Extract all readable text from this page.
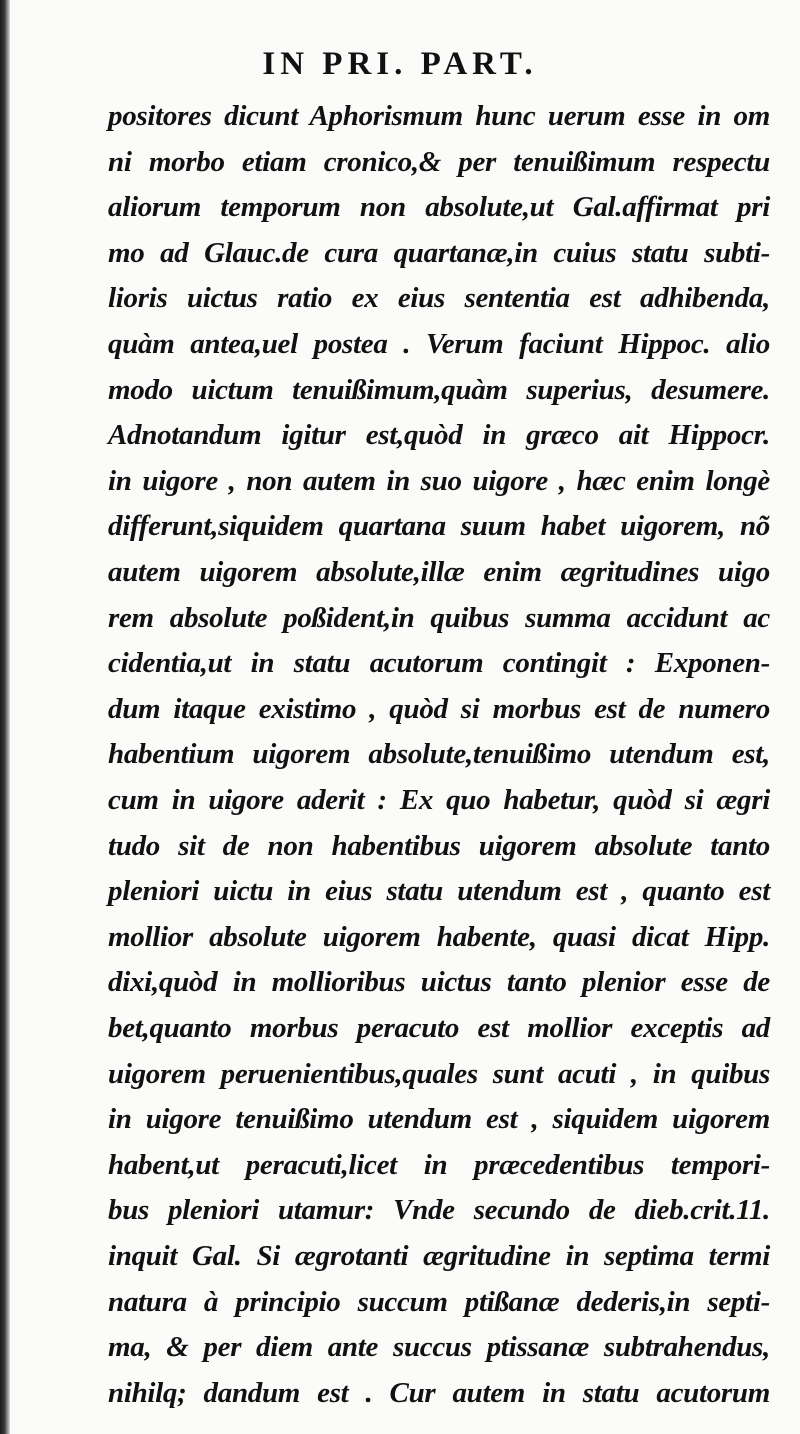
IN PRI. PART.
positores dicunt Aphorismum hunc uerum esse in om
ni morbo etiam cronico,& per tenuißimum respectu
aliorum temporum non absolute,ut Gal.affirmat pri
mo ad Glauc.de cura quartanæ,in cuius statu subti-
lioris uictus ratio ex eius sententia est adhibenda,
quàm antea,uel postea . Verum faciunt Hippoc. alio
modo uictum tenuißimum,quàm superius, desumere.
Adnotandum igitur est,quòd in græco ait Hippocr.
in uigore , non autem in suo uigore , hæc enim longè
differunt,siquidem quartana suum habet uigorem, nõ
autem uigorem absolute,illæ enim ægritudines uigo
rem absolute poßident,in quibus summa accidunt ac
cidentia,ut in statu acutorum contingit : Exponen-
dum itaque existimo , quòd si morbus est de numero
habentium uigorem absolute,tenuißimo utendum est,
cum in uigore aderit : Ex quo habetur, quòd si ægri
tudo sit de non habentibus uigorem absolute tanto
pleniori uictu in eius statu utendum est , quanto est
mollior absolute uigorem habente, quasi dicat Hipp.
dixi,quòd in mollioribus uictus tanto plenior esse de
bet,quanto morbus peracuto est mollior exceptis ad
uigorem peruenientibus,quales sunt acuti , in quibus
in uigore tenuißimo utendum est , siquidem uigorem
habent,ut peracuti,licet in præcedentibus tempori-
bus pleniori utamur: Vnde secundo de dieb.crit.11.
inquit Gal. Si ægrotanti ægritudine in septima termi
natura à principio succum ptißanæ dederis,in septi-
ma, & per diem ante succus ptissanæ subtrahendus,
nihilq; dandum est . Cur autem in statu acutorum
